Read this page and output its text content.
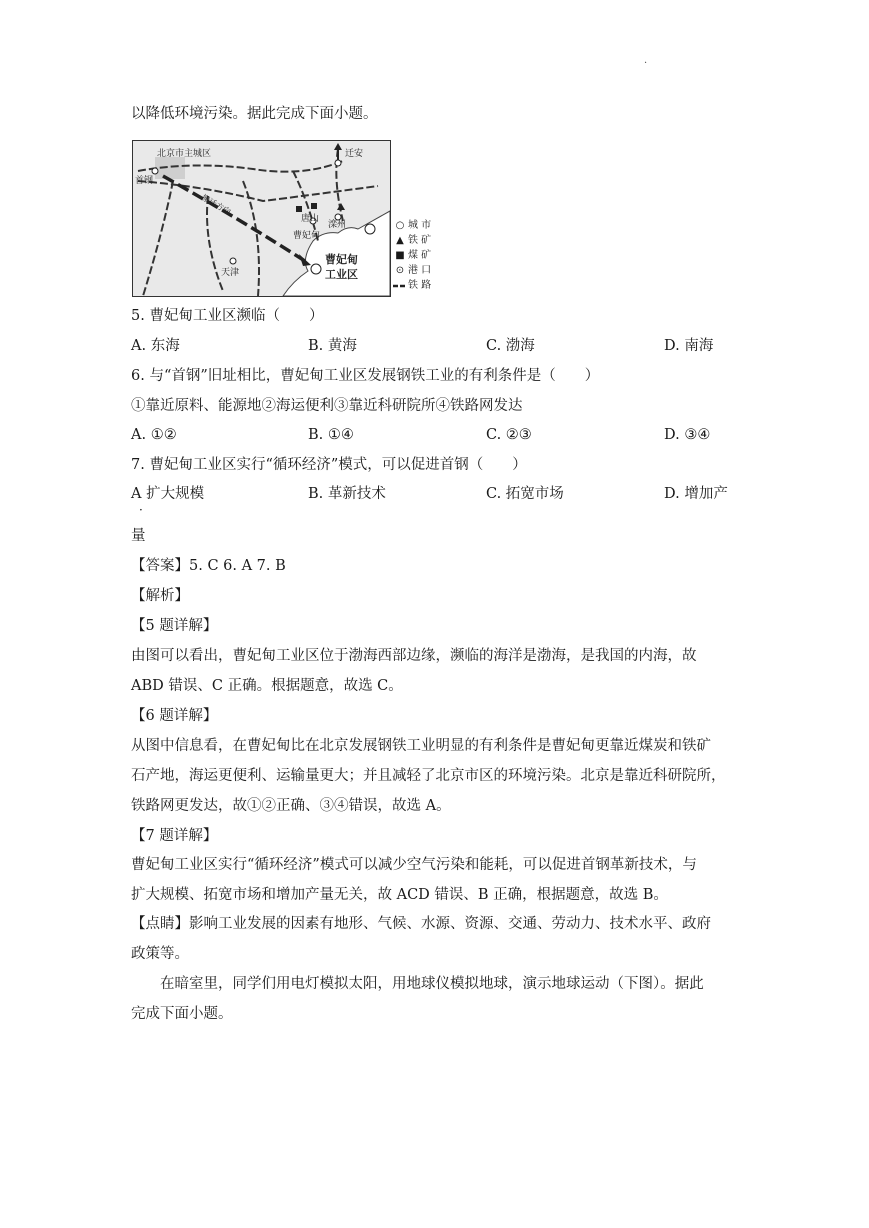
·
以降低环境污染。据此完成下面小题。
北京市主城区
首钢
迁安
唐山
滦州
曹妃甸
天津
曹妃甸
工业区
搬迁方向
○ 城 市
▲ 铁 矿
■ 煤 矿
⊙ 港 口
铁 路
5. 曹妃甸工业区濒临（　　）
A. 东海	B. 黄海	C. 渤海	D. 南海
6. 与“首钢”旧址相比，曹妃甸工业区发展钢铁工业的有利条件是（　　）
①靠近原料、能源地②海运便利③靠近科研院所④铁路网发达
A. ①②	B. ①④	C. ②③	D. ③④
7. 曹妃甸工业区实行“循环经济”模式，可以促进首钢（　　）
A 扩大规模
·
B. 革新技术	C. 拓宽市场	D. 增加产
量
【答案】5. C 6. A 7. B
【解析】
【5 题详解】
由图可以看出，曹妃甸工业区位于渤海西部边缘，濒临的海洋是渤海，是我国的内海，故
ABD 错误、C 正确。根据题意，故选 C。
【6 题详解】
从图中信息看，在曹妃甸比在北京发展钢铁工业明显的有利条件是曹妃甸更靠近煤炭和铁矿
石产地，海运更便利、运输量更大；并且减轻了北京市区的环境污染。北京是靠近科研院所，
铁路网更发达，故①②正确、③④错误，故选 A。
【7 题详解】
曹妃甸工业区实行“循环经济”模式可以减少空气污染和能耗，可以促进首钢革新技术，与
扩大规模、拓宽市场和增加产量无关，故 ACD 错误、B 正确，根据题意，故选 B。
【点睛】影响工业发展的因素有地形、气候、水源、资源、交通、劳动力、技术水平、政府
政策等。
　　在暗室里，同学们用电灯模拟太阳，用地球仪模拟地球，演示地球运动（下图）。据此
完成下面小题。
